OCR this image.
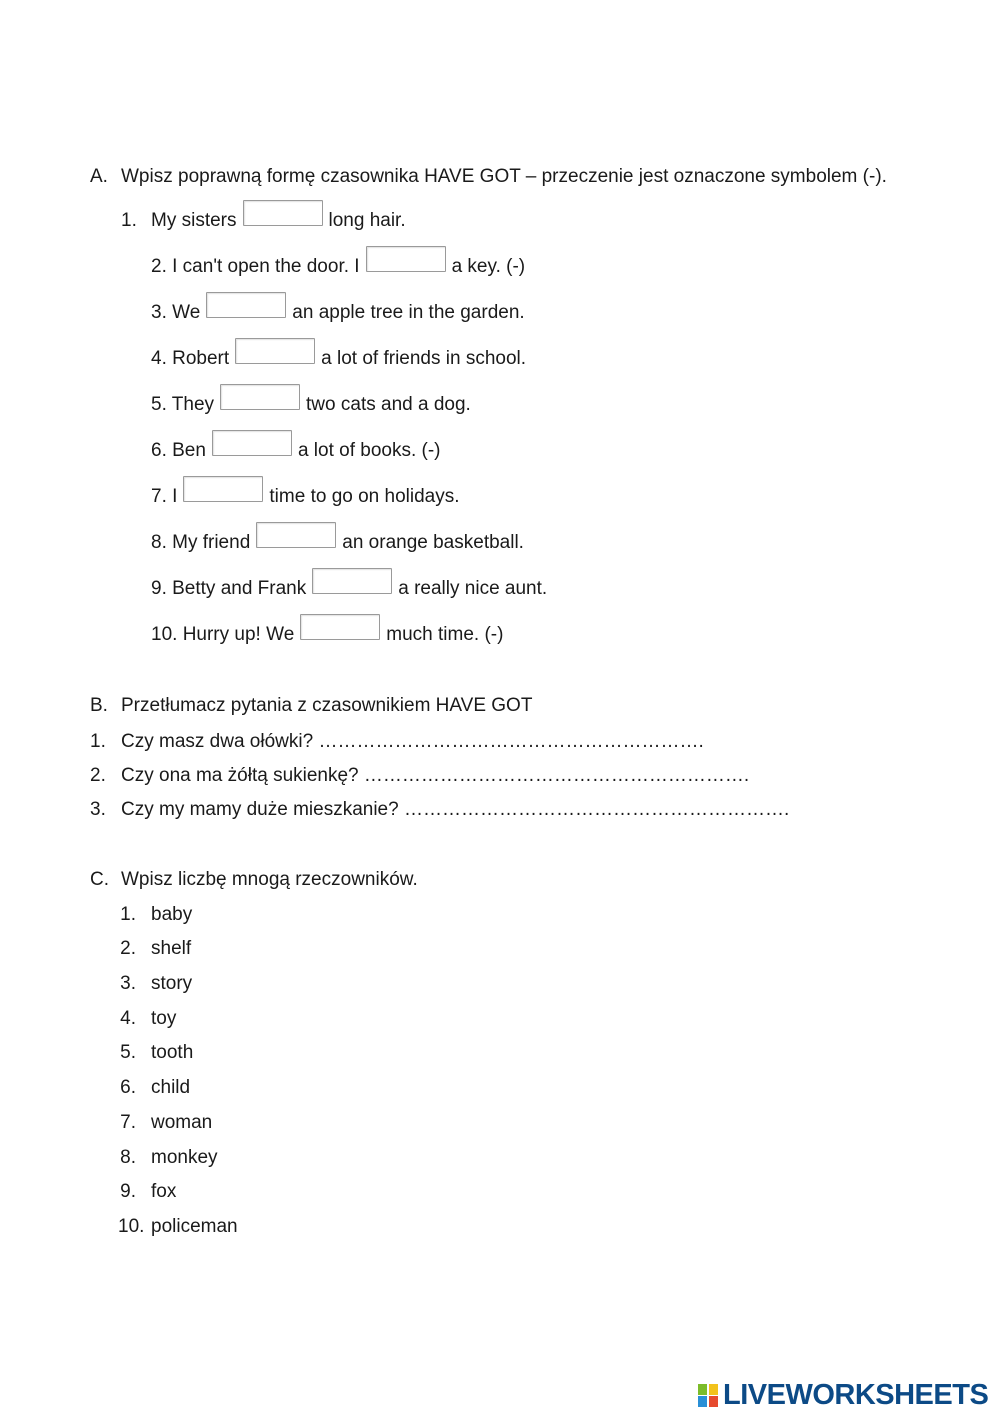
A. Wpisz poprawną formę czasownika HAVE GOT – przeczenie jest oznaczone symbolem (-).
1. My sisters	long hair.
2. I can't open the door. I	a key. (-)
3. We	an apple tree in the garden.
4. Robert	a lot of friends in school.
5. They	two cats and a dog.
6. Ben	a lot of books. (-)
7. I	time to go on holidays.
8. My friend	an orange basketball.
9. Betty and Frank	a really nice aunt.
10. Hurry up! We	much time. (-)
B. Przetłumacz pytania z czasownikiem HAVE GOT
1. Czy masz dwa ołówki? …………………………………………………….
2. Czy ona ma żółtą sukienkę? …………………………………………………….
3. Czy my mamy duże mieszkanie? …………………………………………………….
C. Wpisz liczbę mnogą rzeczowników.
1. baby
2. shelf
3. story
4. toy
5. tooth
6. child
7. woman
8. monkey
9. fox
10. policeman
LIVEWORKSHEETS
